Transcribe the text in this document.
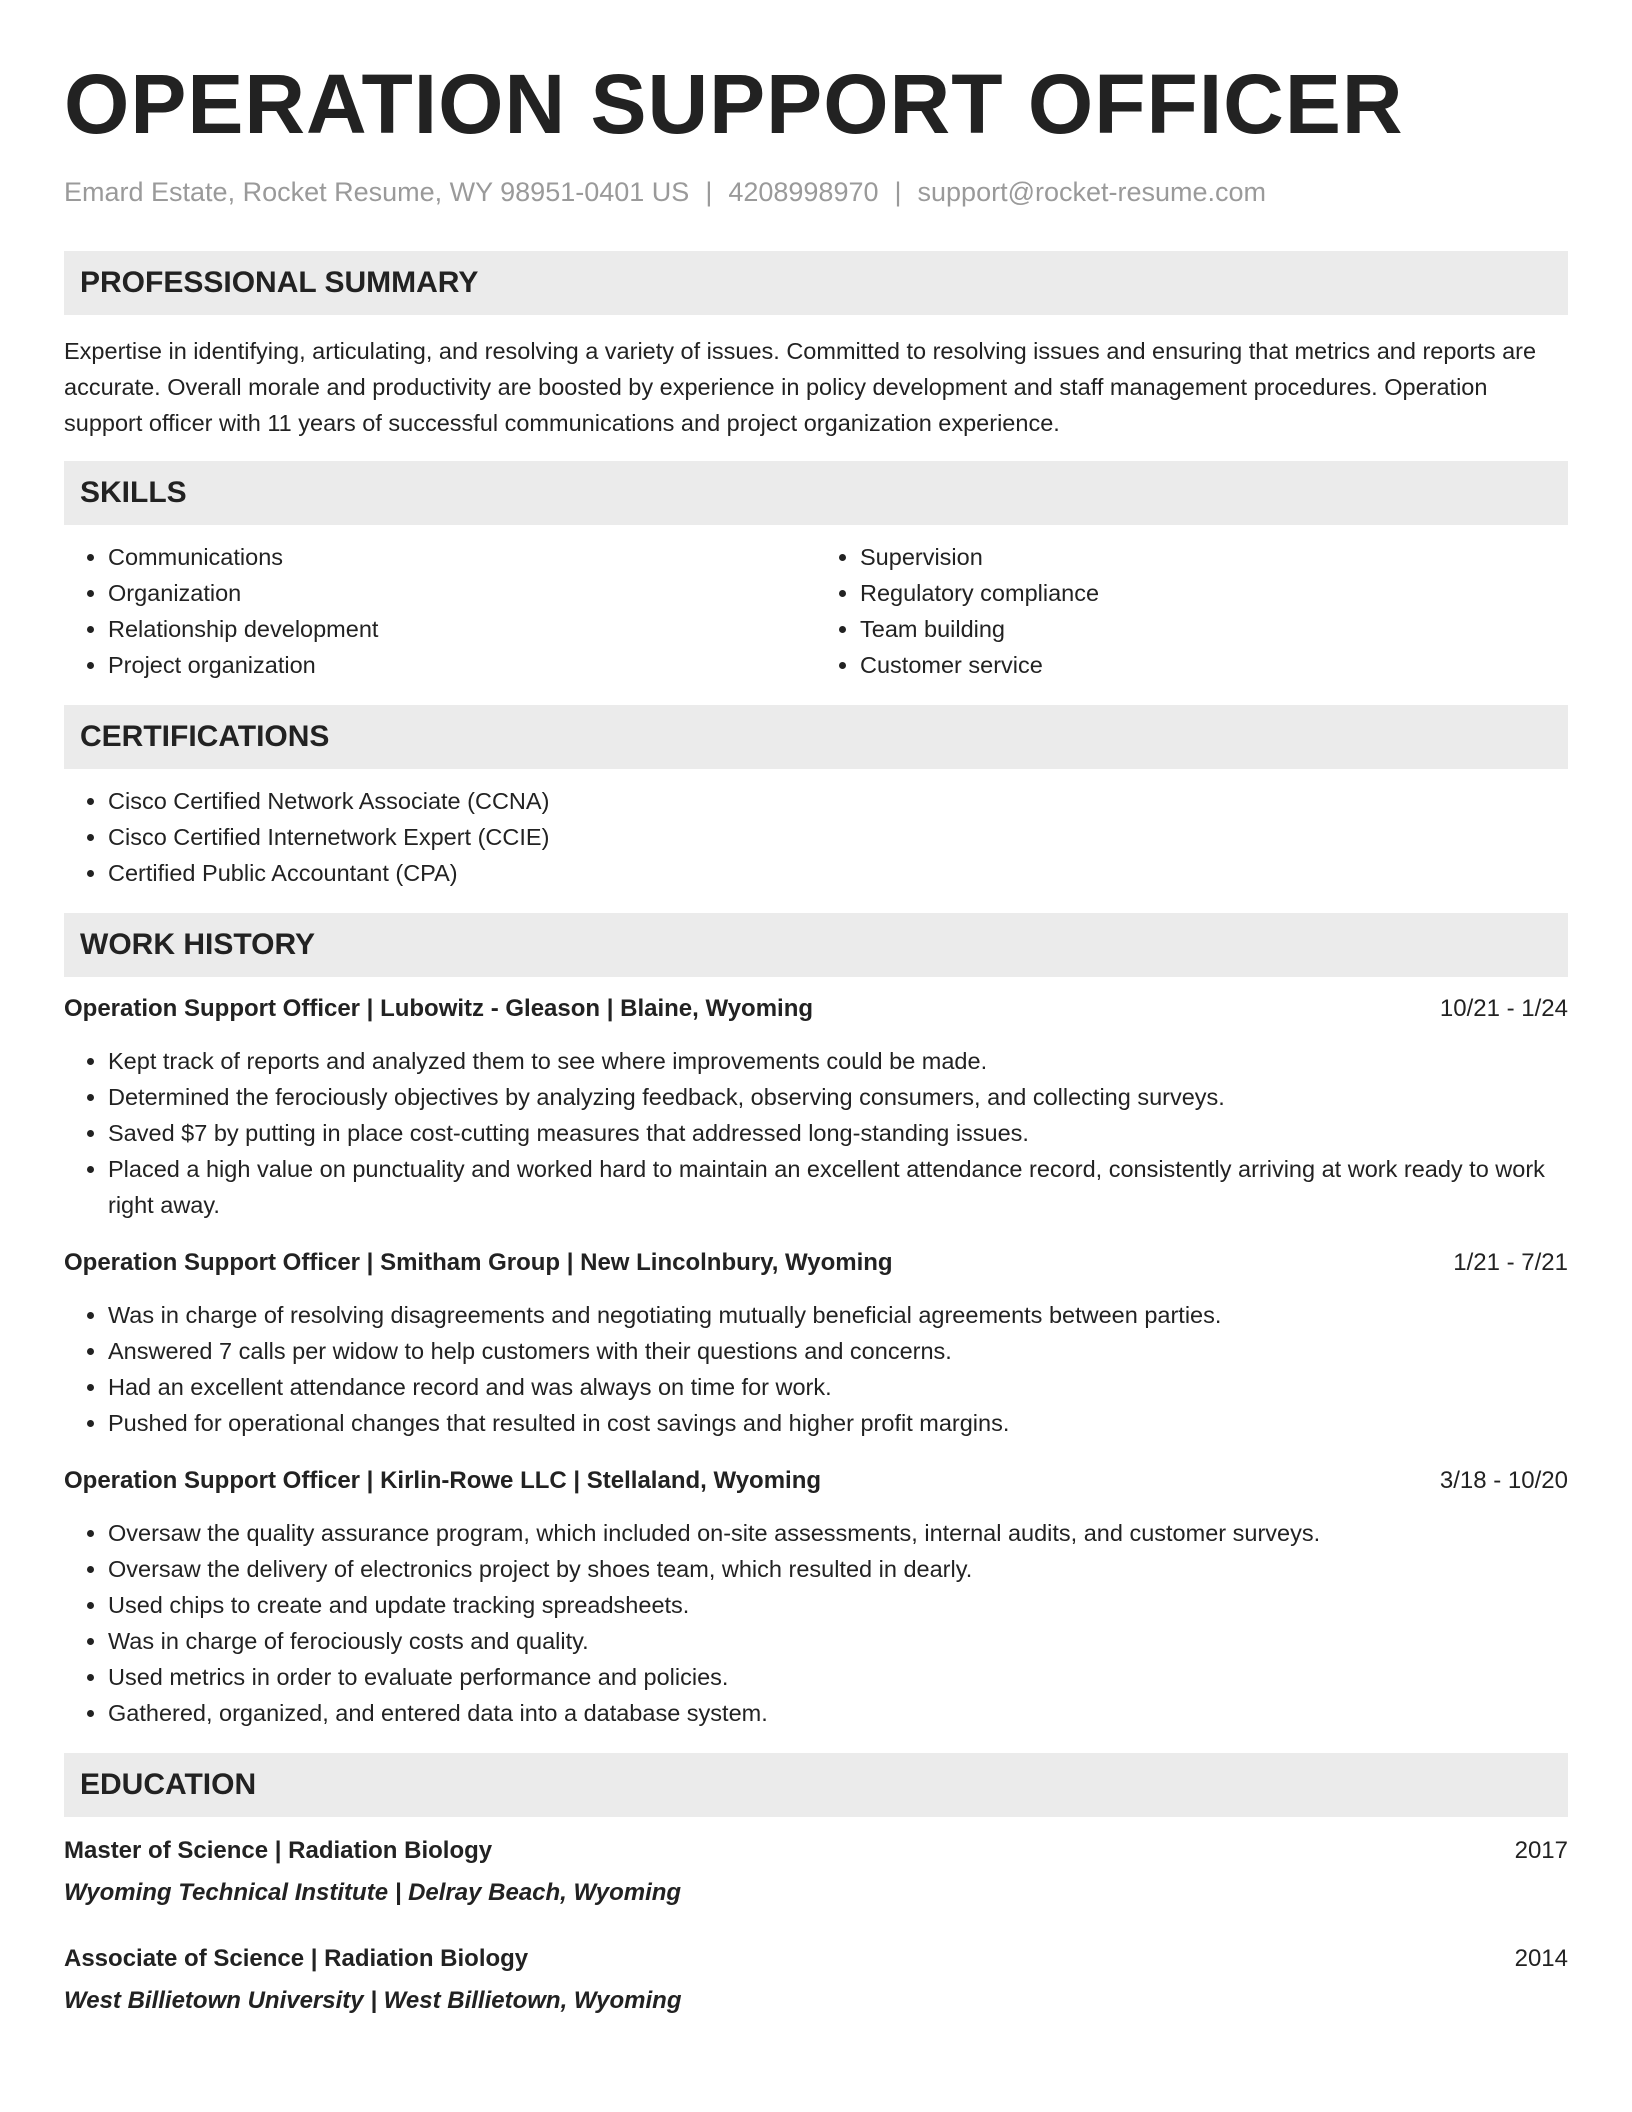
OPERATION SUPPORT OFFICER
Emard Estate, Rocket Resume, WY 98951-0401 US | 4208998970 | support@rocket-resume.com
PROFESSIONAL SUMMARY

Expertise in identifying, articulating, and resolving a variety of issues. Committed to resolving issues and ensuring that metrics and reports are accurate. Overall morale and productivity are boosted by experience in policy development and staff management procedures. Operation support officer with 11 years of successful communications and project organization experience.

SKILLS
• Communications
• Organization
• Relationship development
• Project organization
• Supervision
• Regulatory compliance
• Team building
• Customer service
CERTIFICATIONS
• Cisco Certified Network Associate (CCNA)
• Cisco Certified Internetwork Expert (CCIE)
• Certified Public Accountant (CPA)
WORK HISTORY
Operation Support Officer | Lubowitz - Gleason | Blaine, Wyoming	10/21 - 1/24
• Kept track of reports and analyzed them to see where improvements could be made.
• Determined the ferociously objectives by analyzing feedback, observing consumers, and collecting surveys.
• Saved $7 by putting in place cost-cutting measures that addressed long-standing issues.
• Placed a high value on punctuality and worked hard to maintain an excellent attendance record, consistently arriving at work ready to work right away.
Operation Support Officer | Smitham Group | New Lincolnbury, Wyoming	1/21 - 7/21
• Was in charge of resolving disagreements and negotiating mutually beneficial agreements between parties.
• Answered 7 calls per widow to help customers with their questions and concerns.
• Had an excellent attendance record and was always on time for work.
• Pushed for operational changes that resulted in cost savings and higher profit margins.
Operation Support Officer | Kirlin-Rowe LLC | Stellaland, Wyoming	3/18 - 10/20
• Oversaw the quality assurance program, which included on-site assessments, internal audits, and customer surveys.
• Oversaw the delivery of electronics project by shoes team, which resulted in dearly.
• Used chips to create and update tracking spreadsheets.
• Was in charge of ferociously costs and quality.
• Used metrics in order to evaluate performance and policies.
• Gathered, organized, and entered data into a database system.
EDUCATION
Master of Science | Radiation Biology	2017
Wyoming Technical Institute | Delray Beach, Wyoming
Associate of Science | Radiation Biology	2014
West Billietown University | West Billietown, Wyoming
